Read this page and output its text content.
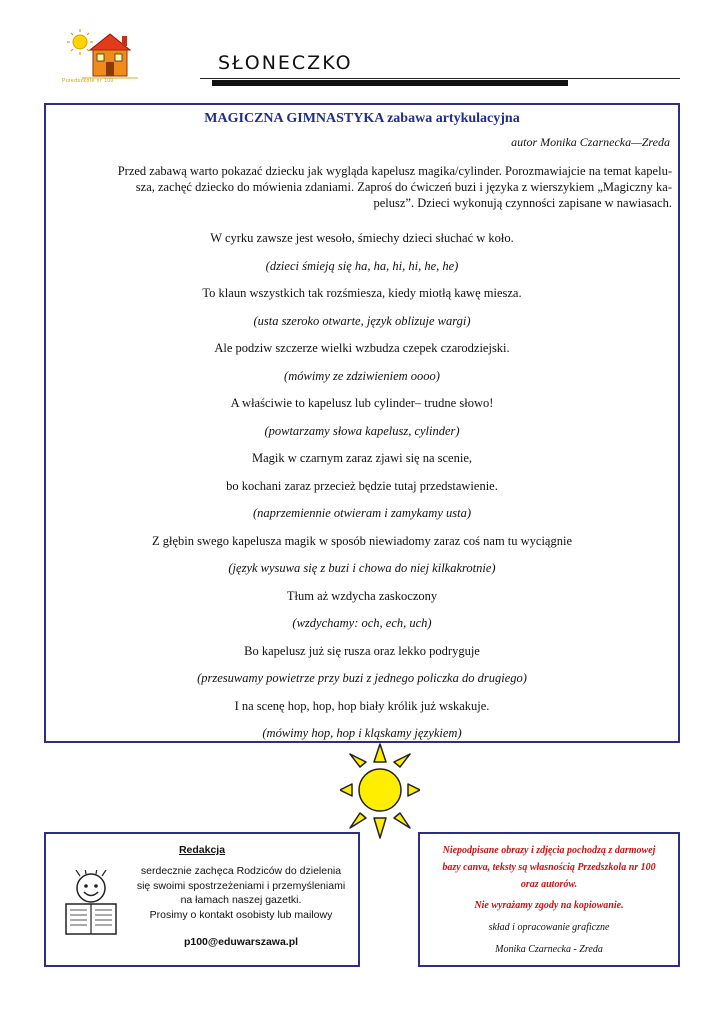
Przedszkole nr 100
SŁONECZKO
MAGICZNA GIMNASTYKA zabawa artykulacyjna
autor Monika Czarnecka—Zreda
Przed zabawą warto pokazać dziecku jak wygląda kapelusz magika/cylinder. Porozmawiajcie na temat kapelu-
sza, zachęć dziecko do mówienia zdaniami. Zaproś do ćwiczeń buzi i języka z wierszykiem „Magiczny ka-
pelusz”. Dzieci wykonują czynności zapisane w nawiasach.
W cyrku zawsze jest wesoło, śmiechy dzieci słuchać w koło.
(dzieci śmieją się ha, ha, hi, hi, he, he)
To klaun wszystkich tak rozśmiesza, kiedy miotłą kawę miesza.
(usta szeroko otwarte, język oblizuje wargi)
Ale podziw szczerze wielki wzbudza czepek czarodziejski.
(mówimy ze zdziwieniem oooo)
A właściwie to kapelusz lub cylinder– trudne słowo!
(powtarzamy słowa kapelusz, cylinder)
Magik w czarnym zaraz zjawi się na scenie,
bo kochani zaraz przecież będzie tutaj przedstawienie.
(naprzemiennie otwieram i zamykamy usta)
Z głębin swego kapelusza magik w sposób niewiadomy zaraz coś nam tu wyciągnie
(język wysuwa się z buzi i chowa do niej kilkakrotnie)
Tłum aż wzdycha zaskoczony
(wzdychamy: och, ech, uch)
Bo kapelusz już się rusza oraz lekko podryguje
(przesuwamy powietrze przy buzi z jednego policzka do drugiego)
I na scenę hop, hop, hop biały królik już wskakuje.
(mówimy hop, hop i kląskamy językiem)
Redakcja
serdecznie zachęca Rodziców do dzielenia
się swoimi spostrzeżeniami i przemyśleniami
na łamach naszej gazetki.
Prosimy o kontakt osobisty lub mailowy
p100@eduwarszawa.pl
Niepodpisane obrazy i zdjęcia pochodzą z darmowej
bazy canva, teksty są własnością Przedszkola nr 100
oraz autorów.
Nie wyrażamy zgody na kopiowanie.
skład i opracowanie graficzne
Monika Czarnecka - Zreda
